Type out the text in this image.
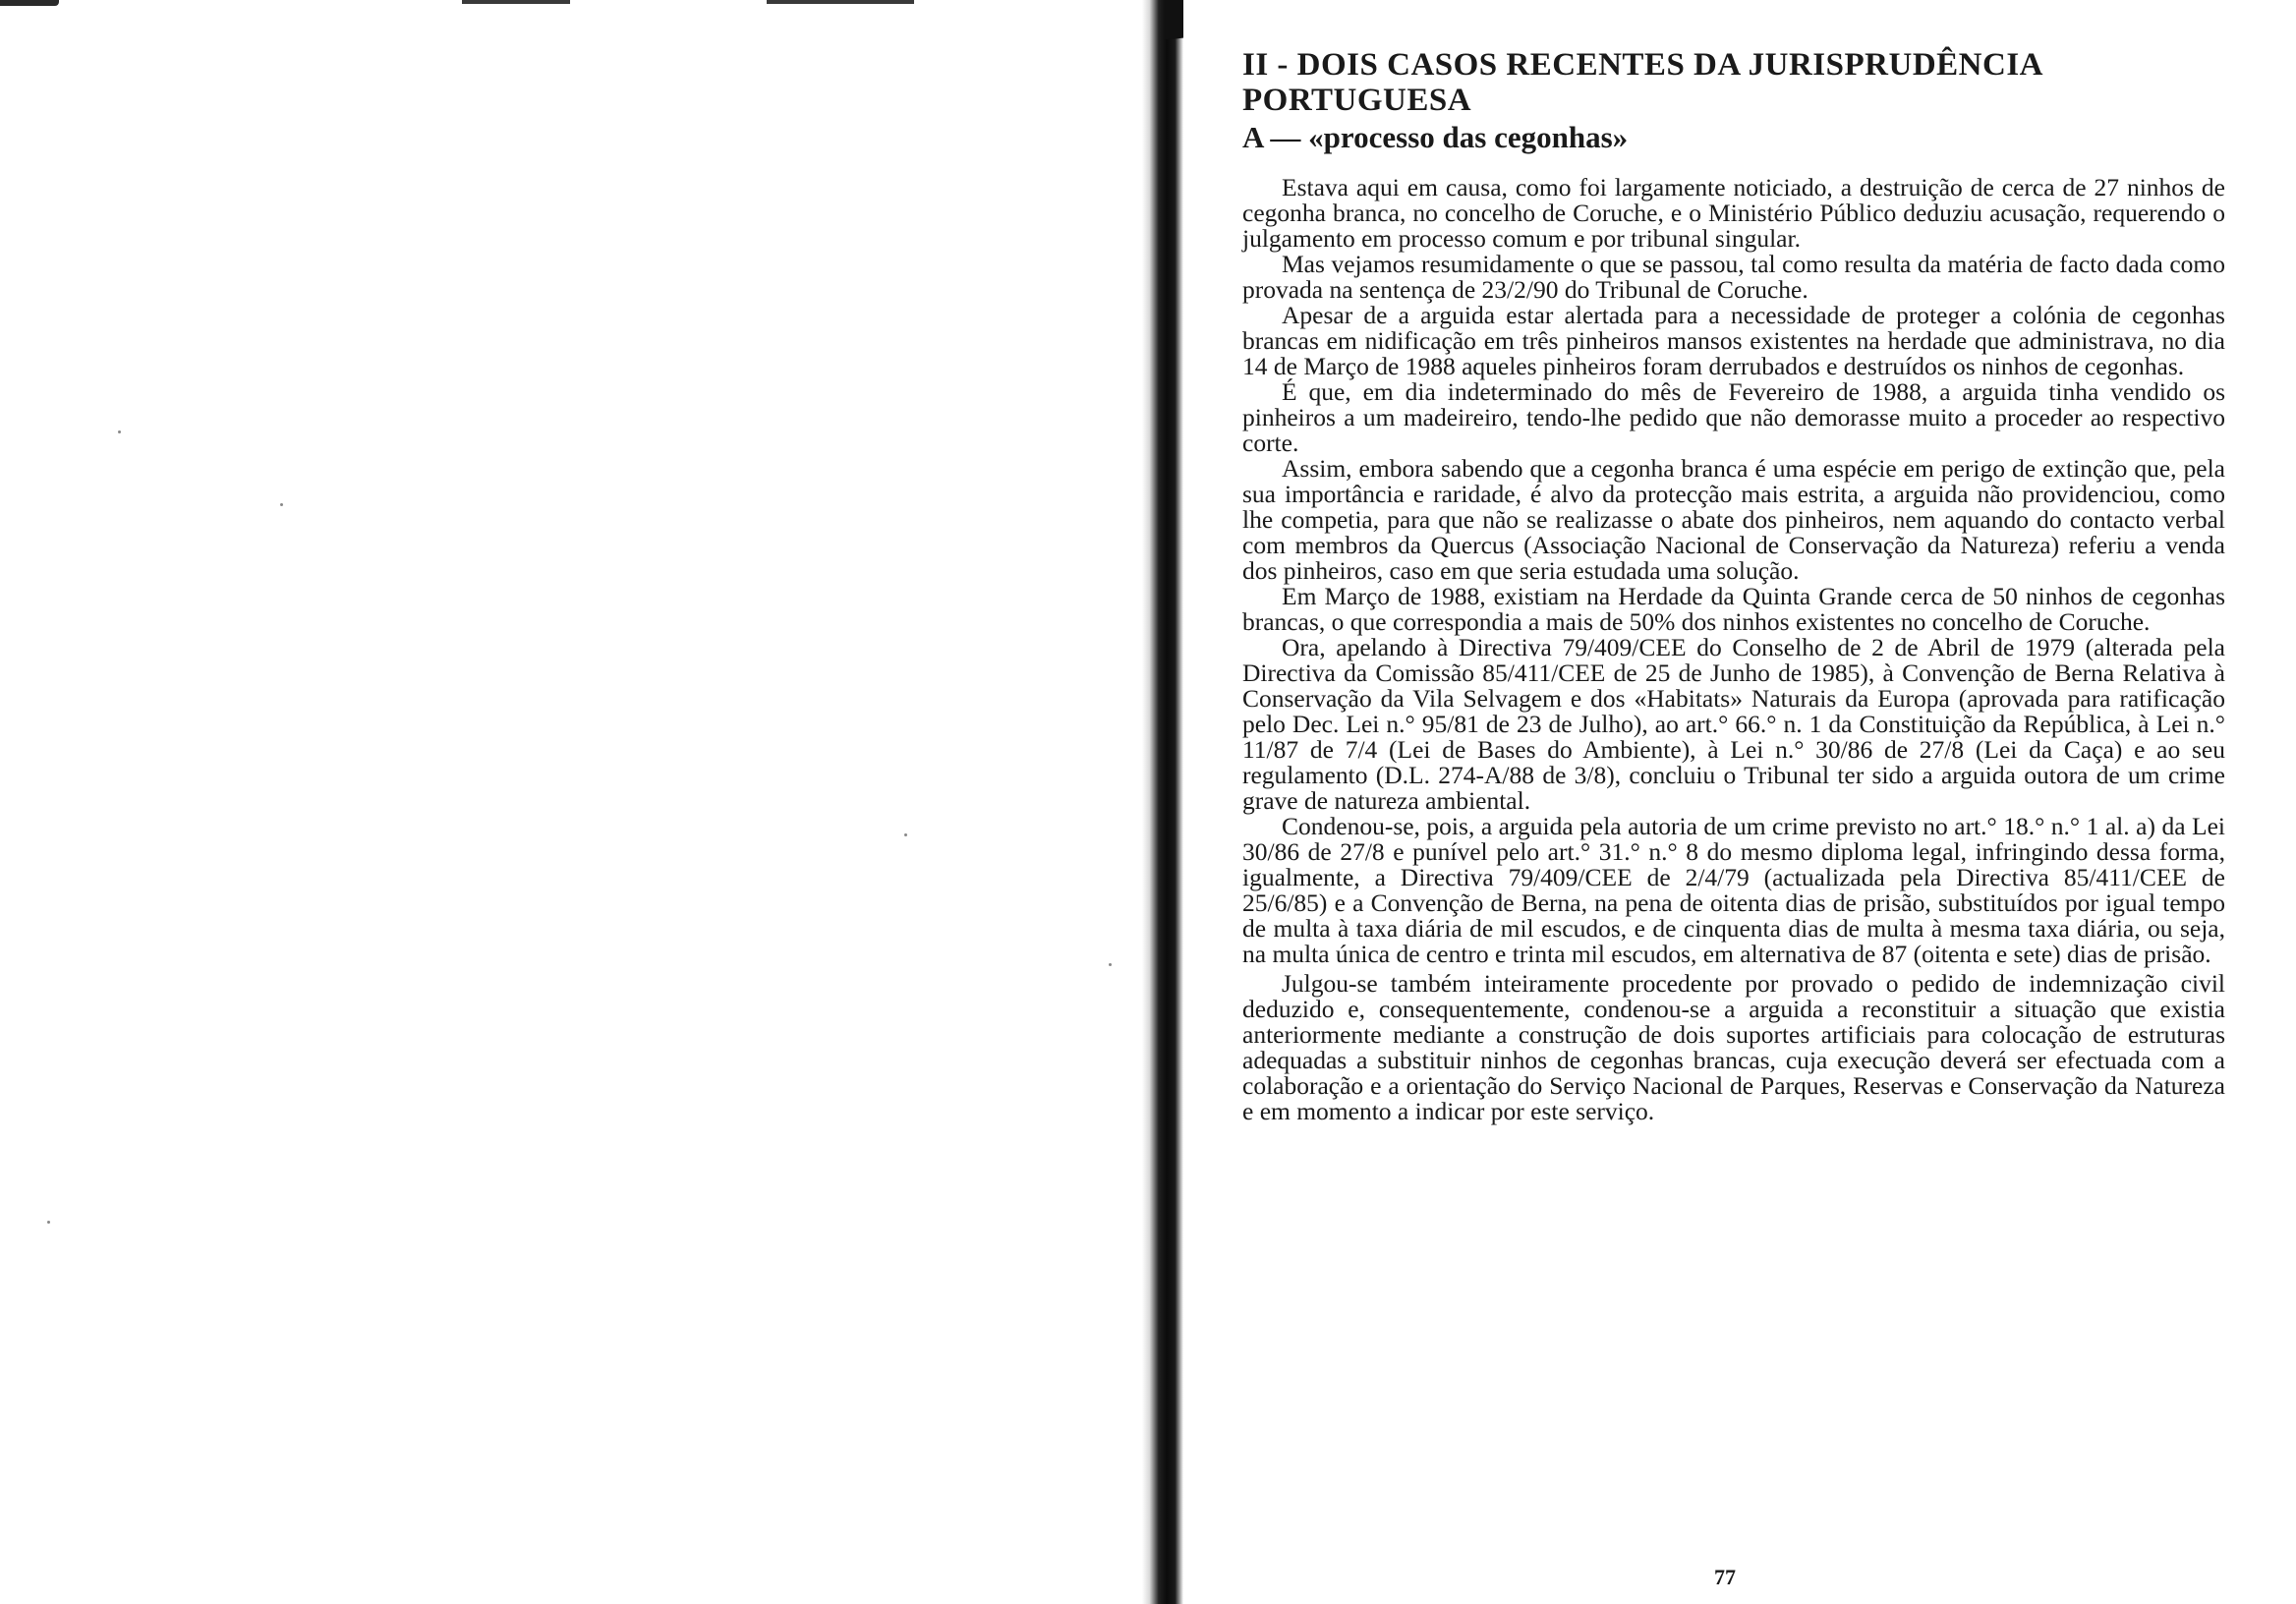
II - DOIS CASOS RECENTES DA JURISPRUDÊNCIA
PORTUGUESA
A — «processo das cegonhas»

Estava aqui em causa, como foi largamente noticiado, a destruição de cerca de 27 ninhos de cegonha branca, no concelho de Coruche, e o Ministério Público deduziu acusação, requerendo o julgamento em processo comum e por tribunal singular.

Mas vejamos resumidamente o que se passou, tal como resulta da matéria de facto dada como provada na sentença de 23/2/90 do Tribunal de Coruche.

Apesar de a arguida estar alertada para a necessidade de proteger a colónia de cegonhas brancas em nidificação em três pinheiros mansos existentes na herdade que administrava, no dia 14 de Março de 1988 aqueles pinheiros foram derrubados e destruídos os ninhos de cegonhas.

É que, em dia indeterminado do mês de Fevereiro de 1988, a arguida tinha vendido os pinheiros a um madeireiro, tendo-lhe pedido que não demorasse muito a proceder ao respectivo corte.

Assim, embora sabendo que a cegonha branca é uma espécie em perigo de extinção que, pela sua importância e raridade, é alvo da protecção mais estrita, a arguida não providenciou, como lhe competia, para que não se realizasse o abate dos pinheiros, nem aquando do contacto verbal com membros da Quercus (Associação Nacional de Conservação da Natureza) referiu a venda dos pinheiros, caso em que seria estudada uma solução.

Em Março de 1988, existiam na Herdade da Quinta Grande cerca de 50 ninhos de cegonhas brancas, o que correspondia a mais de 50% dos ninhos existentes no concelho de Coruche.

Ora, apelando à Directiva 79/409/CEE do Conselho de 2 de Abril de 1979 (alterada pela Directiva da Comissão 85/411/CEE de 25 de Junho de 1985), à Convenção de Berna Relativa à Conservação da Vila Selvagem e dos «Habitats» Naturais da Europa (aprovada para ratificação pelo Dec. Lei n.° 95/81 de 23 de Julho), ao art.° 66.° n. 1 da Constituição da República, à Lei n.° 11/87 de 7/4 (Lei de Bases do Ambiente), à Lei n.° 30/86 de 27/8 (Lei da Caça) e ao seu regulamento (D.L. 274-A/88 de 3/8), concluiu o Tribunal ter sido a arguida outora de um crime grave de natureza ambiental.

Condenou-se, pois, a arguida pela autoria de um crime previsto no art.° 18.° n.° 1 al. a) da Lei 30/86 de 27/8 e punível pelo art.° 31.° n.° 8 do mesmo diploma legal, infringindo dessa forma, igualmente, a Directiva 79/409/CEE de 2/4/79 (actualizada pela Directiva 85/411/CEE de 25/6/85) e a Convenção de Berna, na pena de oitenta dias de prisão, substituídos por igual tempo de multa à taxa diária de mil escudos, e de cinquenta dias de multa à mesma taxa diária, ou seja, na multa única de centro e trinta mil escudos, em alternativa de 87 (oitenta e sete) dias de prisão.

Julgou-se também inteiramente procedente por provado o pedido de indemnização civil deduzido e, consequentemente, condenou-se a arguida a reconstituir a situação que existia anteriormente mediante a construção de dois suportes artificiais para colocação de estruturas adequadas a substituir ninhos de cegonhas brancas, cuja execução deverá ser efectuada com a colaboração e a orientação do Serviço Nacional de Parques, Reservas e Conservação da Natureza e em momento a indicar por este serviço.

77
